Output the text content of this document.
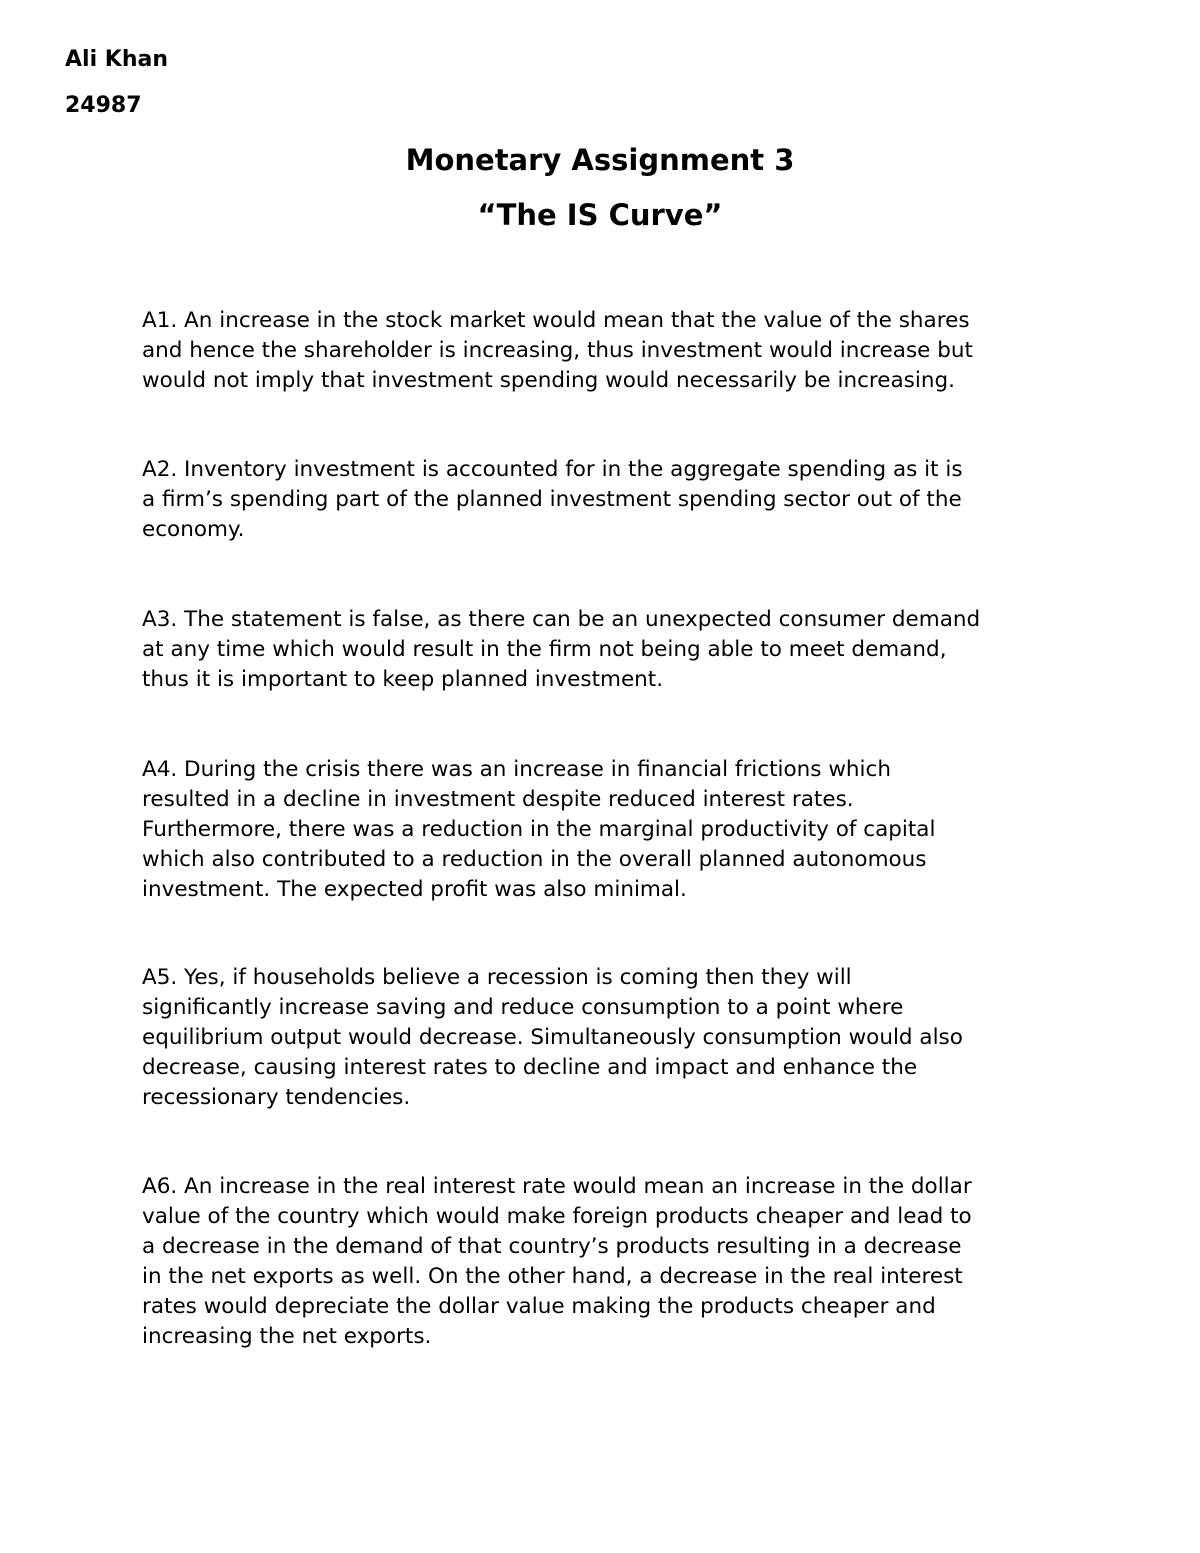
Ali Khan
24987
Monetary Assignment 3
“The IS Curve”

A1. An increase in the stock market would mean that the value of the shares
and hence the shareholder is increasing, thus investment would increase but
would not imply that investment spending would necessarily be increasing.

A2. Inventory investment is accounted for in the aggregate spending as it is
a firm’s spending part of the planned investment spending sector out of the
economy.

A3. The statement is false, as there can be an unexpected consumer demand
at any time which would result in the firm not being able to meet demand,
thus it is important to keep planned investment.

A4. During the crisis there was an increase in financial frictions which
resulted in a decline in investment despite reduced interest rates.
Furthermore, there was a reduction in the marginal productivity of capital
which also contributed to a reduction in the overall planned autonomous
investment. The expected profit was also minimal.

A5. Yes, if households believe a recession is coming then they will
significantly increase saving and reduce consumption to a point where
equilibrium output would decrease. Simultaneously consumption would also
decrease, causing interest rates to decline and impact and enhance the
recessionary tendencies.

A6. An increase in the real interest rate would mean an increase in the dollar
value of the country which would make foreign products cheaper and lead to
a decrease in the demand of that country’s products resulting in a decrease
in the net exports as well. On the other hand, a decrease in the real interest
rates would depreciate the dollar value making the products cheaper and
increasing the net exports.
